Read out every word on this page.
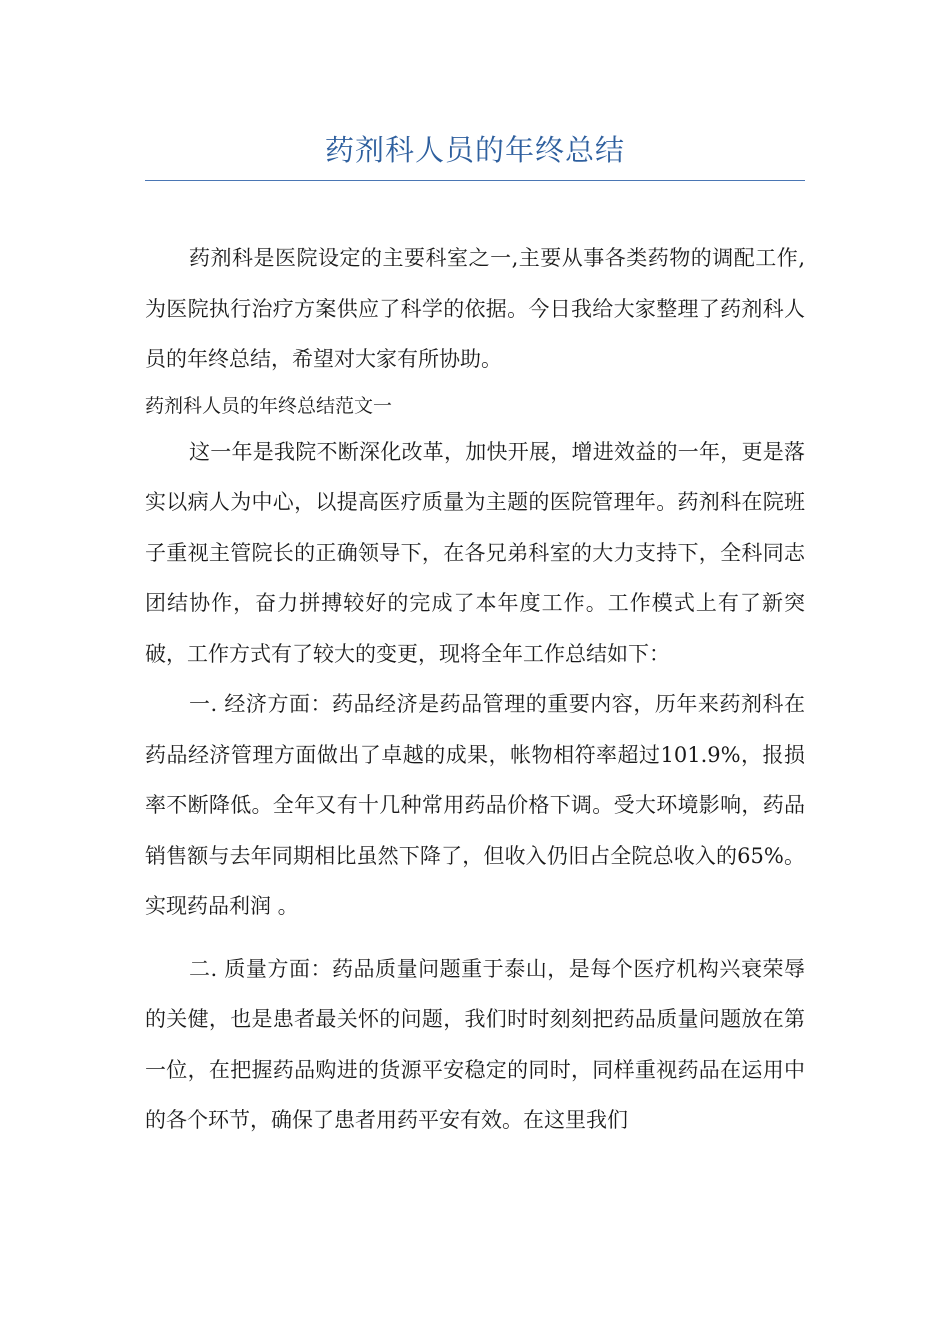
药剂科人员的年终总结

药剂科是医院设定的主要科室之一,主要从事各类药物的调配工作,为医院执行治疗方案供应了科学的依据。今日我给大家整理了药剂科人员的年终总结，希望对大家有所协助。

药剂科人员的年终总结范文一

这一年是我院不断深化改革，加快开展，增进效益的一年，更是落实以病人为中心，以提高医疗质量为主题的医院管理年。药剂科在院班子重视主管院长的正确领导下，在各兄弟科室的大力支持下，全科同志团结协作，奋力拼搏较好的完成了本年度工作。工作模式上有了新突破，工作方式有了较大的变更，现将全年工作总结如下：

一. 经济方面：药品经济是药品管理的重要内容，历年来药剂科在药品经济管理方面做出了卓越的成果，帐物相符率超过101.9%，报损率不断降低。全年又有十几种常用药品价格下调。受大环境影响，药品销售额与去年同期相比虽然下降了，但收入仍旧占全院总收入的65%。实现药品利润 。

二. 质量方面：药品质量问题重于泰山，是每个医疗机构兴衰荣辱的关健，也是患者最关怀的问题，我们时时刻刻把药品质量问题放在第一位，在把握药品购进的货源平安稳定的同时，同样重视药品在运用中的各个环节，确保了患者用药平安有效。在这里我们
